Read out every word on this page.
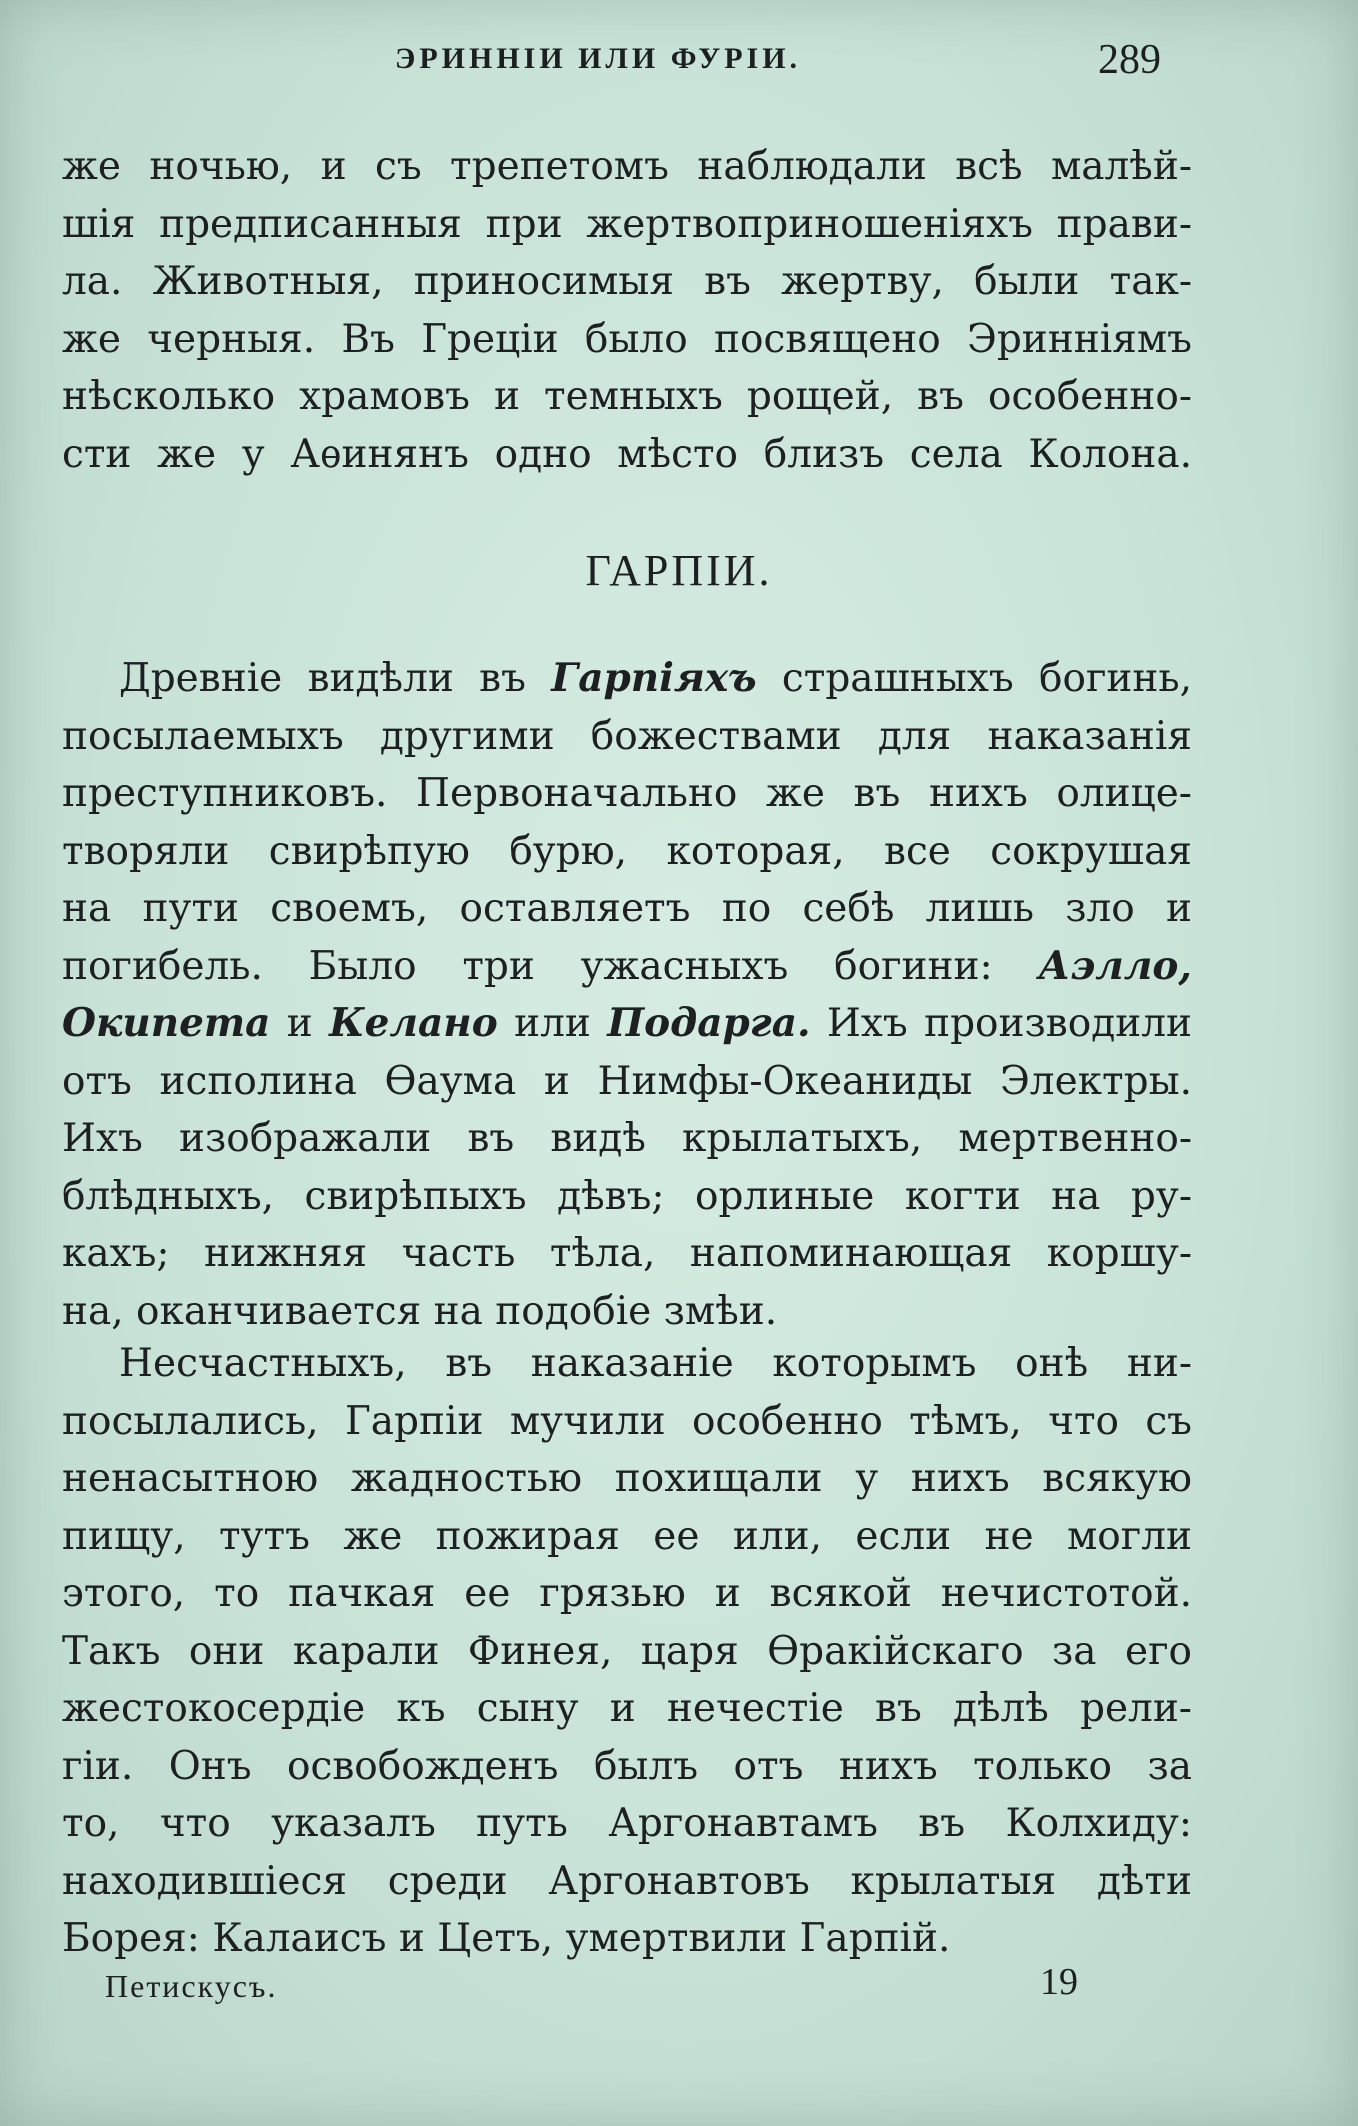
ЭРИННІИ ИЛИ ФУРІИ.	289
же ночью, и съ трепетомъ наблюдали всѣ малѣй-
шія предписанныя при жертвоприношеніяхъ прави-
ла. Животныя, приносимыя въ жертву, были так-
же черныя. Въ Греціи было посвящено Эринніямъ
нѣсколько храмовъ и темныхъ рощей, въ особенно-
сти же у Аѳинянъ одно мѣсто близъ села Колона.
ГАРПІИ.
Древніе видѣли въ Гарпіяхъ страшныхъ богинь,
посылаемыхъ другими божествами для наказанія
преступниковъ. Первоначально же въ нихъ олице-
творяли свирѣпую бурю, которая, все сокрушая
на пути своемъ, оставляетъ по себѣ лишь зло и
погибель. Было три ужасныхъ богини: Аэлло,
Окипета и Келано или Подарга. Ихъ производили
отъ исполина Ѳаума и Нимфы-Океаниды Электры.
Ихъ изображали въ видѣ крылатыхъ, мертвенно-
блѣдныхъ, свирѣпыхъ дѣвъ; орлиные когти на ру-
кахъ; нижняя часть тѣла, напоминающая коршу-
на, оканчивается на подобіе змѣи.
Несчастныхъ, въ наказаніе которымъ онѣ ни-
посылались, Гарпіи мучили особенно тѣмъ, что съ
ненасытною жадностью похищали у нихъ всякую
пищу, тутъ же пожирая ее или, если не могли
этого, то пачкая ее грязью и всякой нечистотой.
Такъ они карали Финея, царя Ѳракійскаго за его
жестокосердіе къ сыну и нечестіе въ дѣлѣ рели-
гіи. Онъ освобожденъ былъ отъ нихъ только за
то, что указалъ путь Аргонавтамъ въ Колхиду:
находившіеся среди Аргонавтовъ крылатыя дѣти
Борея: Калаисъ и Цетъ, умертвили Гарпій.
Петискусъ.	19
